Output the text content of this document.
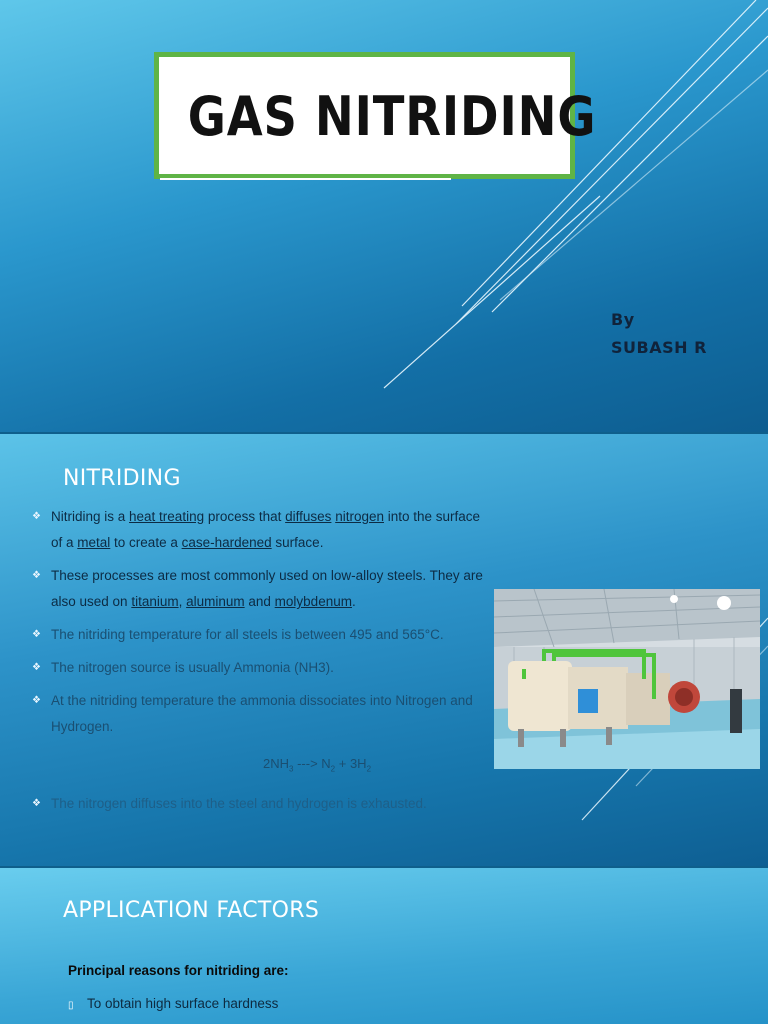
GAS NITRIDING
By
SUBASH R
NITRIDING
❖ Nitriding is a heat treating process that diffuses nitrogen into the surface of a metal to create a case-hardened surface.
❖ These processes are most commonly used on low-alloy steels. They are also used on titanium, aluminum and molybdenum.
❖ The nitriding temperature for all steels is between 495 and 565°C.
❖ The nitrogen source is usually Ammonia (NH3).
❖ At the nitriding temperature the ammonia dissociates into Nitrogen and Hydrogen.
$2NH_3$ ---> $N_2 + 3H_2$
❖ The nitrogen diffuses into the steel and hydrogen is exhausted.
APPLICATION FACTORS
Principal reasons for nitriding are:
▯ To obtain high surface hardness
